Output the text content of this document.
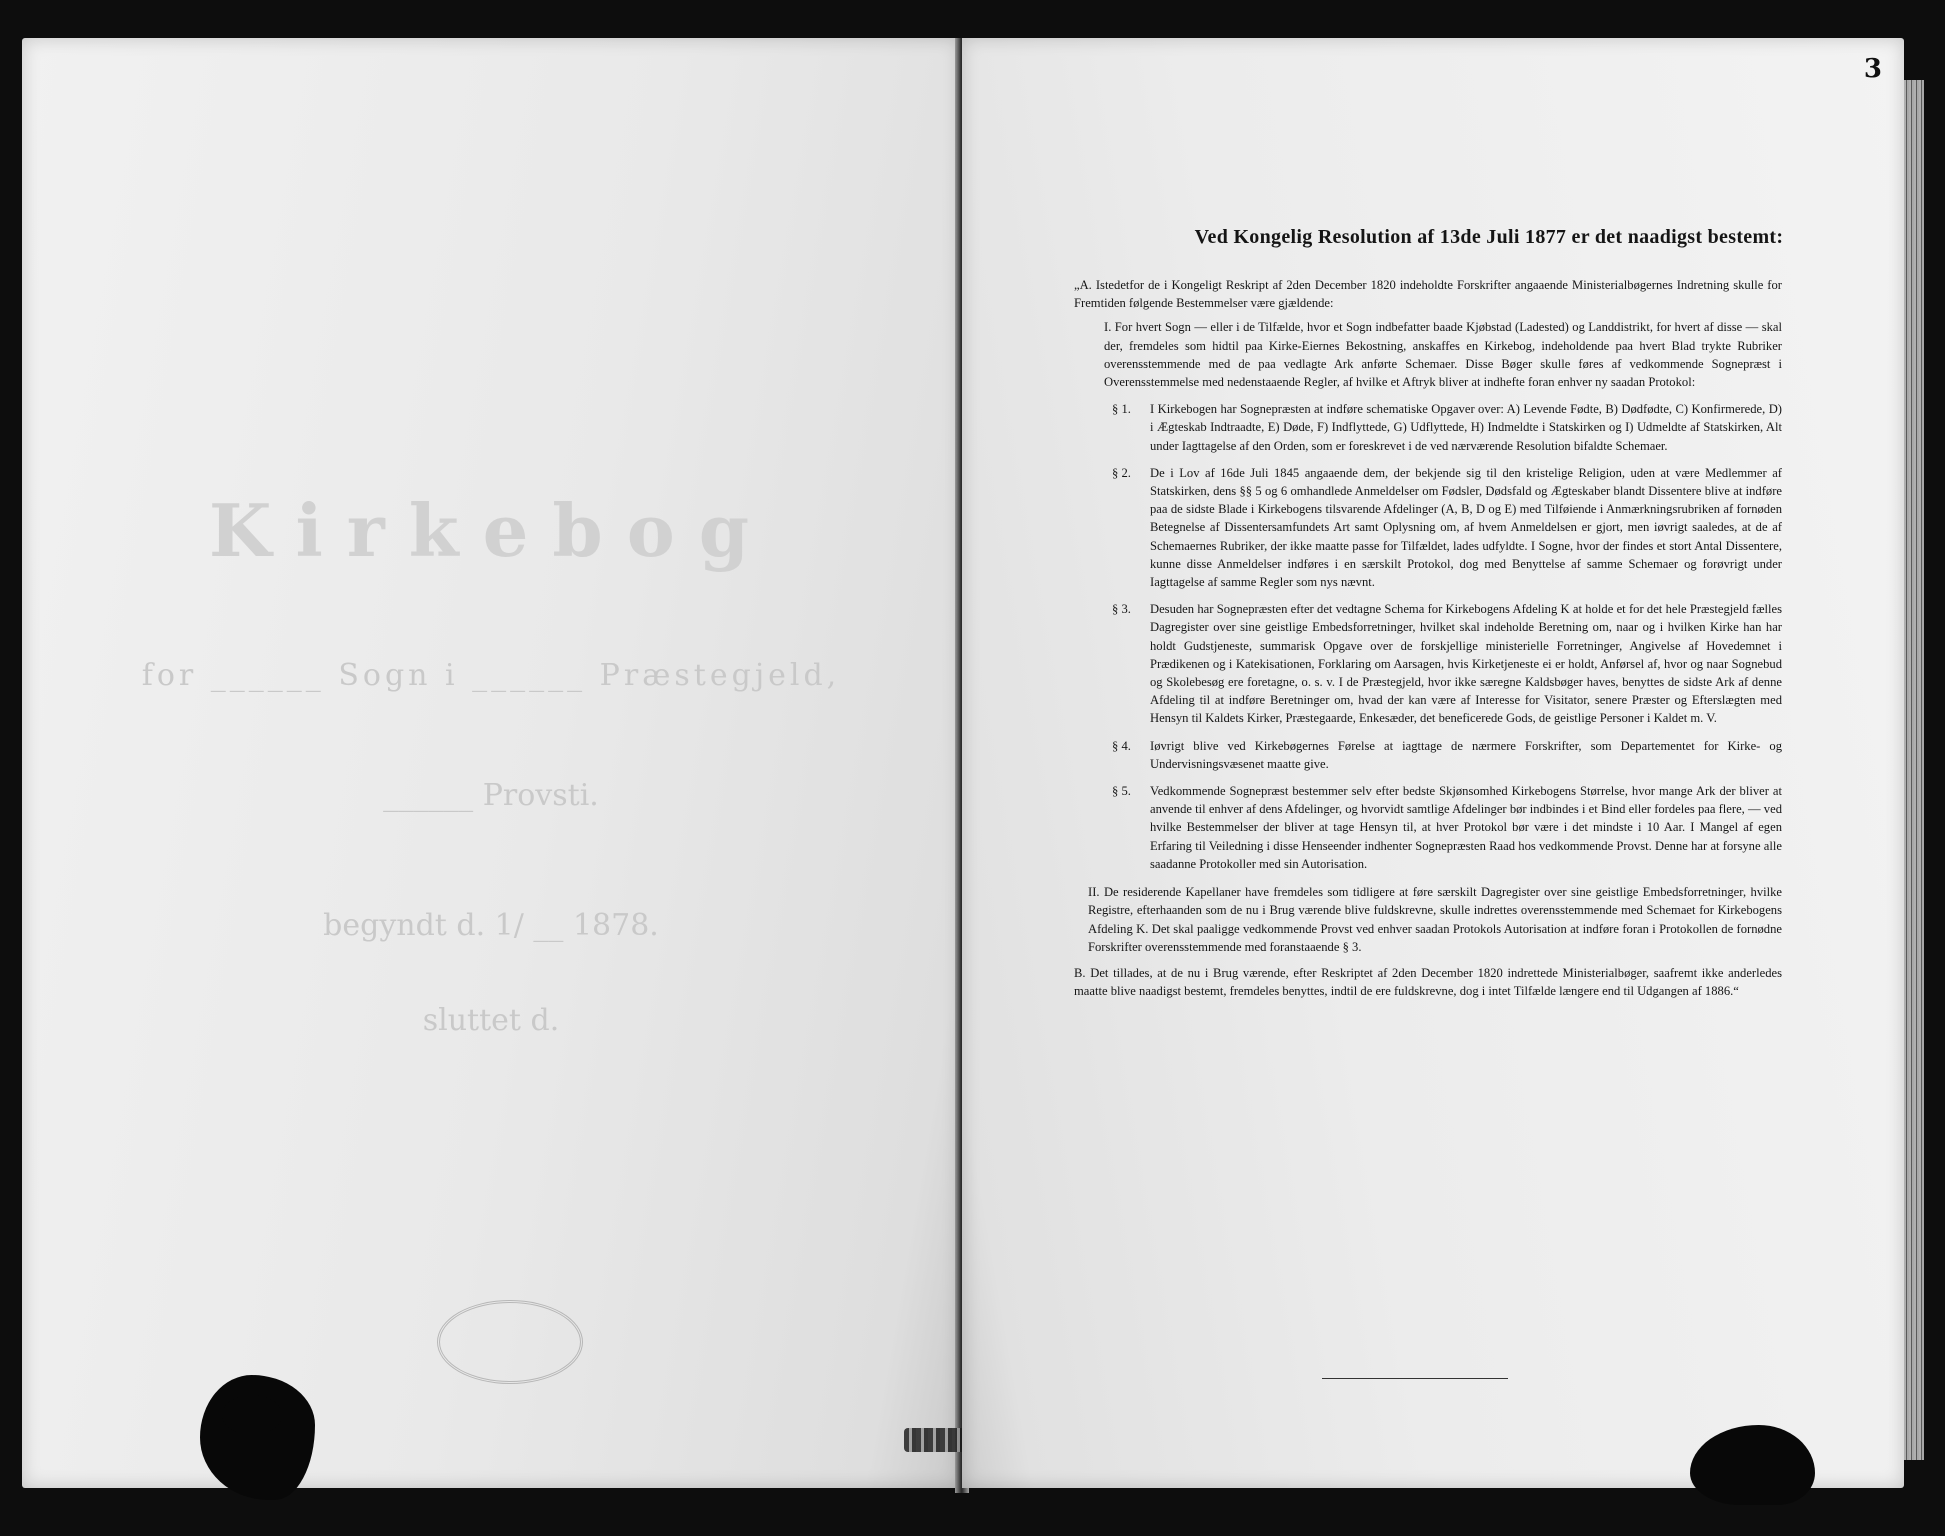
Kirkebog
for ______ Sogn i ______ Præstegjeld,
______ Provsti.
begyndt d. 1/ __ 1878.
sluttet d.
3
Ved Kongelig Resolution af 13de Juli 1877 er det naadigst bestemt:

„A. Istedetfor de i Kongeligt Reskript af 2den December 1820 indeholdte Forskrifter angaaende Ministerialbøgernes Indretning skulle for Fremtiden følgende Bestemmelser være gjældende:

I. For hvert Sogn — eller i de Tilfælde, hvor et Sogn indbefatter baade Kjøbstad (Ladested) og Landdistrikt, for hvert af disse — skal der, fremdeles som hidtil paa Kirke-Eiernes Bekostning, anskaffes en Kirkebog, indeholdende paa hvert Blad trykte Rubriker overensstemmende med de paa vedlagte Ark anførte Schemaer. Disse Bøger skulle føres af vedkommende Sognepræst i Overensstemmelse med nedenstaaende Regler, af hvilke et Aftryk bliver at indhefte foran enhver ny saadan Protokol:

§ 1.	I Kirkebogen har Sognepræsten at indføre schematiske Opgaver over: A) Levende Fødte, B) Dødfødte, C) Konfirmerede, D) i Ægteskab Indtraadte, E) Døde, F) Indflyttede, G) Udflyttede, H) Indmeldte i Statskirken og I) Udmeldte af Statskirken, Alt under Iagttagelse af den Orden, som er foreskrevet i de ved nærværende Resolution bifaldte Schemaer.

§ 2.	De i Lov af 16de Juli 1845 angaaende dem, der bekjende sig til den kristelige Religion, uden at være Medlemmer af Statskirken, dens §§ 5 og 6 omhandlede Anmeldelser om Fødsler, Dødsfald og Ægteskaber blandt Dissentere blive at indføre paa de sidste Blade i Kirkebogens tilsvarende Afdelinger (A, B, D og E) med Tilføiende i Anmærkningsrubriken af fornøden Betegnelse af Dissentersamfundets Art samt Oplysning om, af hvem Anmeldelsen er gjort, men iøvrigt saaledes, at de af Schemaernes Rubriker, der ikke maatte passe for Tilfældet, lades udfyldte. I Sogne, hvor der findes et stort Antal Dissentere, kunne disse Anmeldelser indføres i en særskilt Protokol, dog med Benyttelse af samme Schemaer og forøvrigt under Iagttagelse af samme Regler som nys nævnt.

§ 3.	Desuden har Sognepræsten efter det vedtagne Schema for Kirkebogens Afdeling K at holde et for det hele Præstegjeld fælles Dagregister over sine geistlige Embedsforretninger, hvilket skal indeholde Beretning om, naar og i hvilken Kirke han har holdt Gudstjeneste, summarisk Opgave over de forskjellige ministerielle Forretninger, Angivelse af Hovedemnet i Prædikenen og i Katekisationen, Forklaring om Aarsagen, hvis Kirketjeneste ei er holdt, Anførsel af, hvor og naar Sognebud og Skolebesøg ere foretagne, o. s. v. I de Præstegjeld, hvor ikke særegne Kaldsbøger haves, benyttes de sidste Ark af denne Afdeling til at indføre Beretninger om, hvad der kan være af Interesse for Visitator, senere Præster og Efterslægten med Hensyn til Kaldets Kirker, Præstegaarde, Enkesæder, det beneficerede Gods, de geistlige Personer i Kaldet m. V.

§ 4.	Iøvrigt blive ved Kirkebøgernes Førelse at iagttage de nærmere Forskrifter, som Departementet for Kirke- og Undervisningsvæsenet maatte give.

§ 5.	Vedkommende Sognepræst bestemmer selv efter bedste Skjønsomhed Kirkebogens Størrelse, hvor mange Ark der bliver at anvende til enhver af dens Afdelinger, og hvorvidt samtlige Afdelinger bør indbindes i et Bind eller fordeles paa flere, — ved hvilke Bestemmelser der bliver at tage Hensyn til, at hver Protokol bør være i det mindste i 10 Aar. I Mangel af egen Erfaring til Veiledning i disse Henseender indhenter Sognepræsten Raad hos vedkommende Provst. Denne har at forsyne alle saadanne Protokoller med sin Autorisation.

II. De residerende Kapellaner have fremdeles som tidligere at føre særskilt Dagregister over sine geistlige Embedsforretninger, hvilke Registre, efterhaanden som de nu i Brug værende blive fuldskrevne, skulle indrettes overensstemmende med Schemaet for Kirkebogens Afdeling K. Det skal paaligge vedkommende Provst ved enhver saadan Protokols Autorisation at indføre foran i Protokollen de fornødne Forskrifter overensstemmende med foranstaaende § 3.

B. Det tillades, at de nu i Brug værende, efter Reskriptet af 2den December 1820 indrettede Ministerialbøger, saafremt ikke anderledes maatte blive naadigst bestemt, fremdeles benyttes, indtil de ere fuldskrevne, dog i intet Tilfælde længere end til Udgangen af 1886.“
